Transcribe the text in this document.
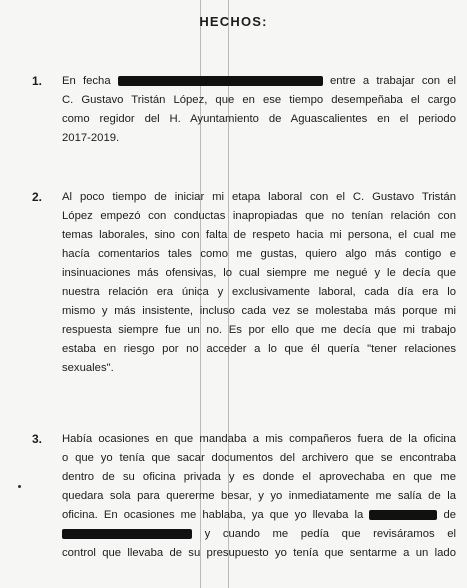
HECHOS:
1.	En fecha	entre a trabajar con el
C. Gustavo Tristán López, que en ese tiempo desempeñaba el cargo
como regidor del H. Ayuntamiento de Aguascalientes en el periodo
2017-2019.
2.	Al poco tiempo de iniciar mi etapa laboral con el C. Gustavo Tristán
López empezó con conductas inapropiadas que no tenían relación con
temas laborales, sino con falta de respeto hacia mi persona, el cual me
hacía comentarios tales como me gustas, quiero algo más contigo e
insinuaciones más ofensivas, lo cual siempre me negué y le decía que
nuestra relación era única y exclusivamente laboral, cada día era lo
mismo y más insistente, incluso cada vez se molestaba más porque mi
respuesta siempre fue un no. Es por ello que me decía que mi trabajo
estaba en riesgo por no acceder a lo que él quería "tener relaciones
sexuales".
3.	Había ocasiones en que mandaba a mis compañeros fuera de la oficina
o que yo tenía que sacar documentos del archivero que se encontraba
dentro de su oficina privada y es donde el aprovechaba en que me
quedara sola para quererme besar, y yo inmediatamente me salía de la
oficina. En ocasiones me hablaba, ya que yo llevaba la	de
y cuando me pedía que revisáramos el
control que llevaba de su presupuesto yo tenía que sentarme a un lado
